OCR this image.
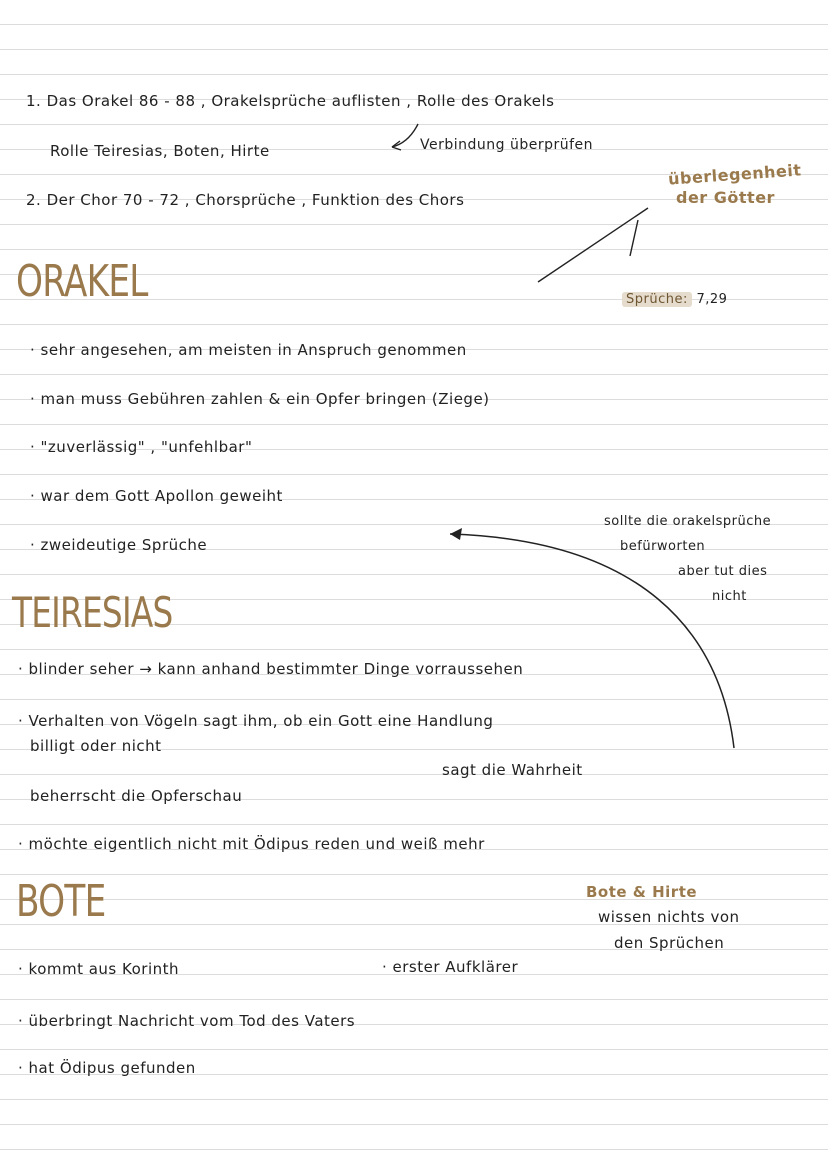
1. Das Orakel 86 - 88 , Orakelsprüche auflisten , Rolle des Orakels
Rolle Teiresias, Boten, Hirte	Verbindung überprüfen
2. Der Chor 70 - 72 , Chorsprüche , Funktion des Chors
überlegenheit
der Götter
ORAKEL	Sprüche: 7,29
· sehr angesehen, am meisten in Anspruch genommen
· man muss Gebühren zahlen & ein Opfer bringen (Ziege)
· "zuverlässig" , "unfehlbar"
· war dem Gott Apollon geweiht
· zweideutige Sprüche
sollte die orakelsprüche
befürworten
aber tut dies
nicht
TEIRESIAS
· blinder seher → kann anhand bestimmter Dinge vorraussehen
· Verhalten von Vögeln sagt ihm, ob ein Gott eine Handlung
billigt oder nicht
sagt die Wahrheit
beherrscht die Opferschau
· möchte eigentlich nicht mit Ödipus reden und weiß mehr
BOTE	Bote & Hirte
wissen nichts von
den Sprüchen
· kommt aus Korinth	· erster Aufklärer
· überbringt Nachricht vom Tod des Vaters
· hat Ödipus gefunden
